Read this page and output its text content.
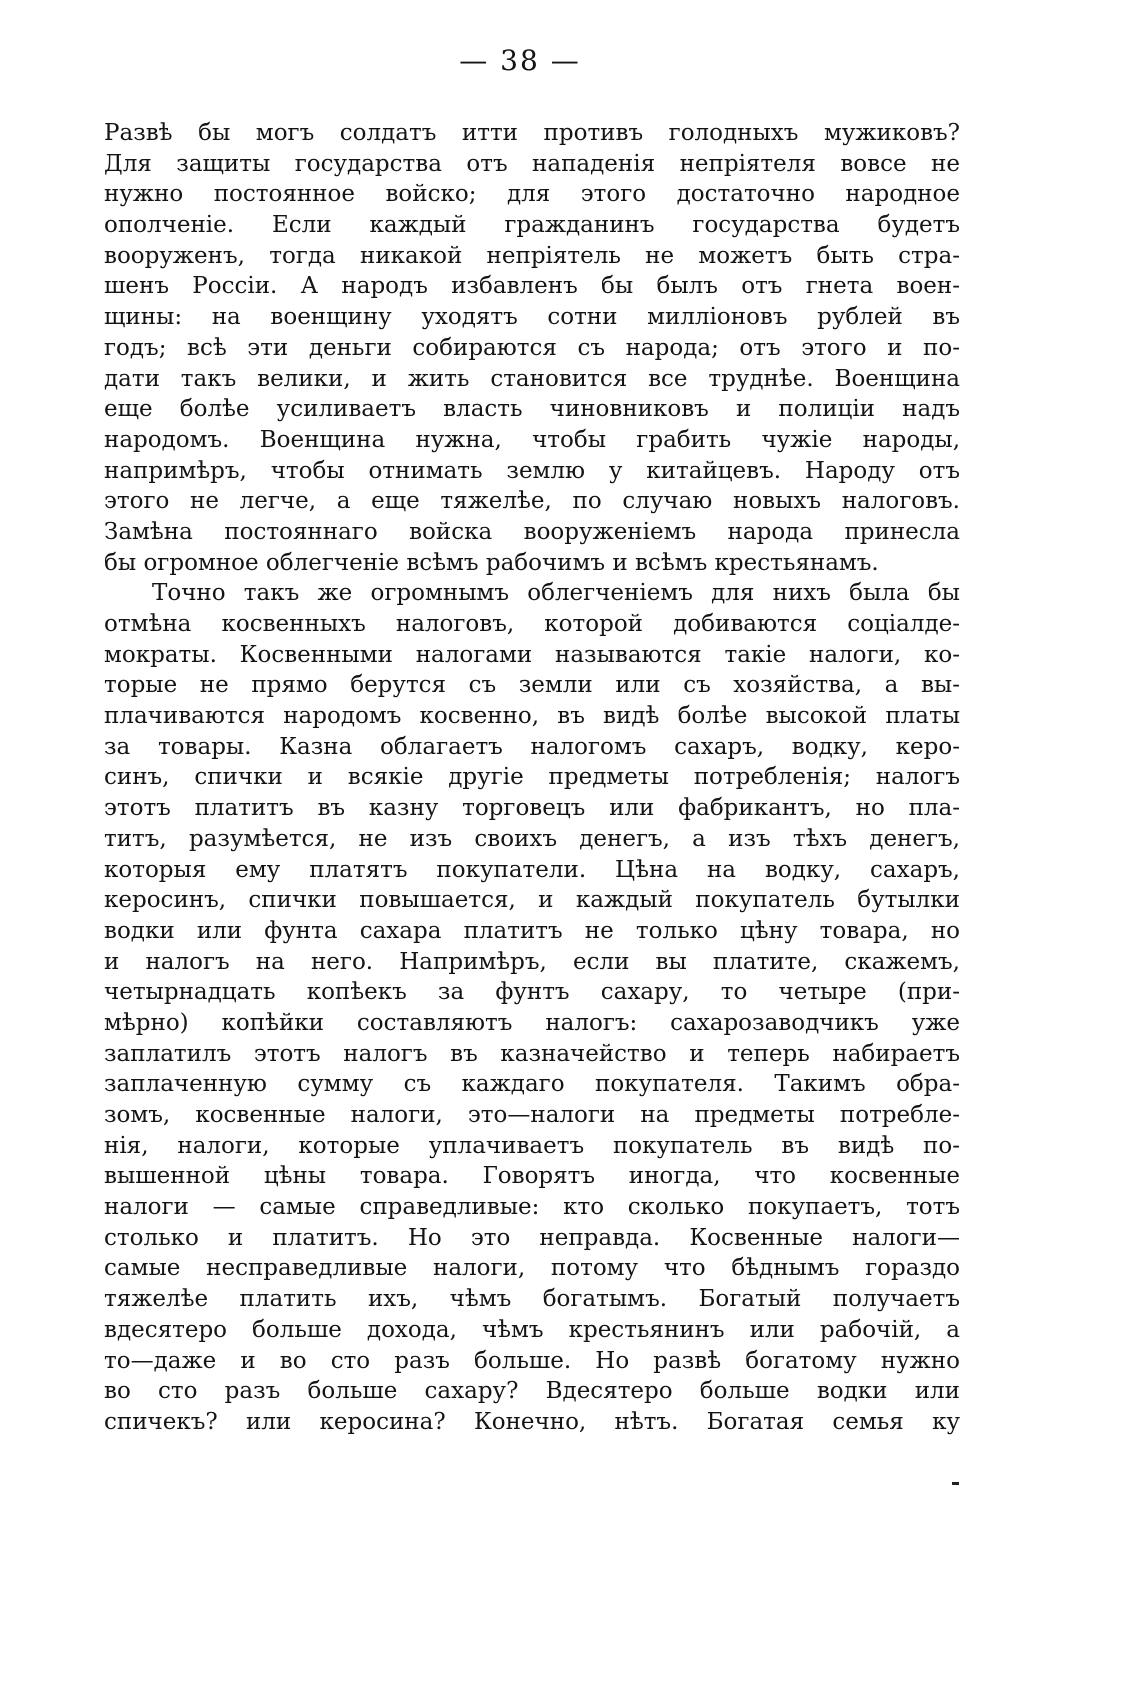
— 38 —
Развѣ бы могъ солдатъ итти противъ голодныхъ мужиковъ?
Для защиты государства отъ нападенія непріятеля вовсе не
нужно постоянное войско; для этого достаточно народное
ополченіе. Если каждый гражданинъ государства будетъ
вооруженъ, тогда никакой непріятель не можетъ быть стра-
шенъ Россіи. А народъ избавленъ бы былъ отъ гнета воен-
щины: на военщину уходятъ сотни милліоновъ рублей въ
годъ; всѣ эти деньги собираются съ народа; отъ этого и по-
дати такъ велики, и жить становится все труднѣе. Военщина
еще болѣе усиливаетъ власть чиновниковъ и полиціи надъ
народомъ. Военщина нужна, чтобы грабить чужіе народы,
напримѣръ, чтобы отнимать землю у китайцевъ. Народу отъ
этого не легче, а еще тяжелѣе, по случаю новыхъ налоговъ.
Замѣна постояннаго войска вооруженіемъ народа принесла
бы огромное облегченіе всѣмъ рабочимъ и всѣмъ крестьянамъ.
Точно такъ же огромнымъ облегченіемъ для нихъ была бы
отмѣна косвенныхъ налоговъ, которой добиваются соціалде-
мократы. Косвенными налогами называются такіе налоги, ко-
торые не прямо берутся съ земли или съ хозяйства, а вы-
плачиваются народомъ косвенно, въ видѣ болѣе высокой платы
за товары. Казна облагаетъ налогомъ сахаръ, водку, керо-
синъ, спички и всякіе другіе предметы потребленія; налогъ
этотъ платитъ въ казну торговецъ или фабрикантъ, но пла-
титъ, разумѣется, не изъ своихъ денегъ, а изъ тѣхъ денегъ,
которыя ему платятъ покупатели. Цѣна на водку, сахаръ,
керосинъ, спички повышается, и каждый покупатель бутылки
водки или фунта сахара платитъ не только цѣну товара, но
и налогъ на него. Напримѣръ, если вы платите, скажемъ,
четырнадцать копѣекъ за фунтъ сахару, то четыре (при-
мѣрно) копѣйки составляютъ налогъ: сахарозаводчикъ уже
заплатилъ этотъ налогъ въ казначейство и теперь набираетъ
заплаченную сумму съ каждаго покупателя. Такимъ обра-
зомъ, косвенные налоги, это—налоги на предметы потребле-
нія, налоги, которые уплачиваетъ покупатель въ видѣ по-
вышенной цѣны товара. Говорятъ иногда, что косвенные
налоги — самые справедливые: кто сколько покупаетъ, тотъ
столько и платитъ. Но это неправда. Косвенные налоги—
самые несправедливые налоги, потому что бѣднымъ гораздо
тяжелѣе платить ихъ, чѣмъ богатымъ. Богатый получаетъ
вдесятеро больше дохода, чѣмъ крестьянинъ или рабочій, а
то—даже и во сто разъ больше. Но развѣ богатому нужно
во сто разъ больше сахару? Вдесятеро больше водки или
спичекъ? или керосина? Конечно, нѣтъ. Богатая семья ку
